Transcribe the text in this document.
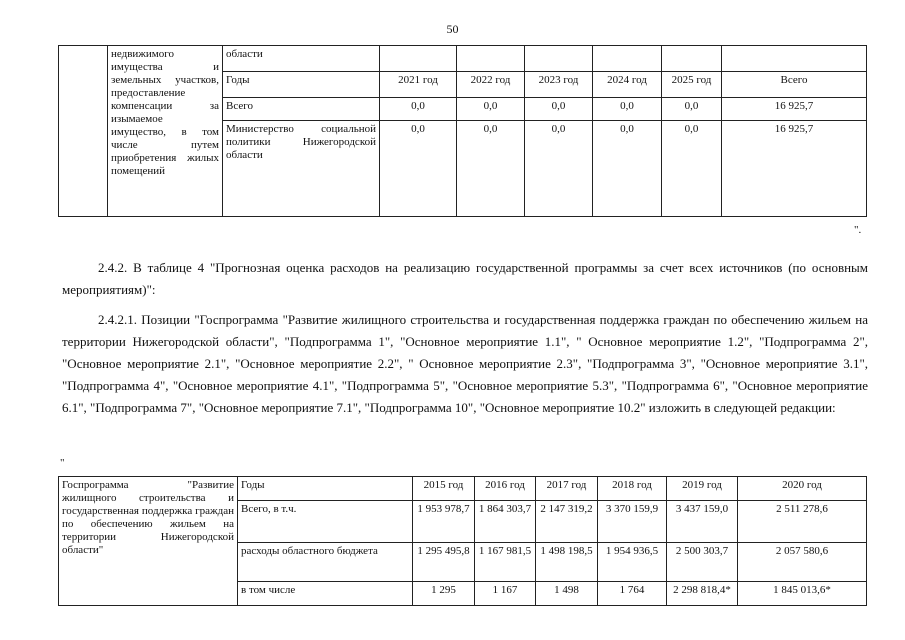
50
	недвижимого имущества и земельных участков, предоставление компенсации за изымаемое имущество, в том числе путем приобретения жилых помещений	области						
		Годы	2021 год	2022 год	2023 год	2024 год	2025 год	Всего
		Всего	0,0	0,0	0,0	0,0	0,0	16 925,7
		Министерство социальной политики Нижегородской области	0,0	0,0	0,0	0,0	0,0	16 925,7
".

2.4.2. В таблице 4 "Прогнозная оценка расходов на реализацию государственной программы за счет всех источников (по основным мероприятиям)":

2.4.2.1. Позиции "Госпрограмма "Развитие жилищного строительства и государственная поддержка граждан по обеспечению жильем на территории Нижегородской области", "Подпрограмма 1", "Основное мероприятие 1.1", " Основное мероприятие 1.2", "Подпрограмма 2", "Основное мероприятие 2.1", "Основное мероприятие 2.2", " Основное мероприятие 2.3", "Подпрограмма 3", "Основное мероприятие 3.1", "Подпрограмма 4", "Основное мероприятие 4.1", "Подпрограмма 5", "Основное мероприятие 5.3", "Подпрограмма 6", "Основное мероприятие 6.1", "Подпрограмма 7", "Основное мероприятие 7.1", "Подпрограмма 10", "Основное мероприятие 10.2" изложить в следующей редакции:

"
Госпрограмма "Развитие жилищного строительства и государственная поддержка граждан по обеспечению жильем на территории Нижегородской области"	Годы	2015 год	2016 год	2017 год	2018 год	2019 год	2020 год
	Всего, в т.ч.	1 953 978,7	1 864 303,7	2 147 319,2	3 370 159,9	3 437 159,0	2 511 278,6
	расходы областного бюджета	1 295 495,8	1 167 981,5	1 498 198,5	1 954 936,5	2 500 303,7	2 057 580,6
	в том числе	1 295	1 167	1 498	1 764	2 298 818,4*	1 845 013,6*
